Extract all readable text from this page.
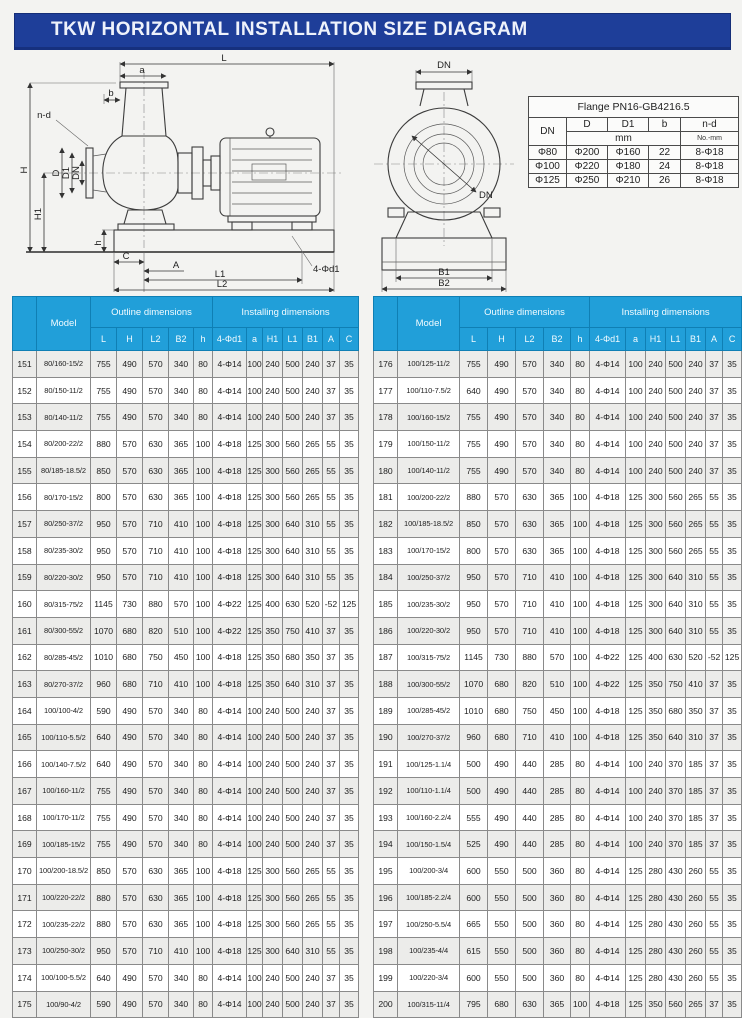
TKW HORIZONTAL INSTALLATION SIZE DIAGRAM
L
a
b
n-d
H
H1
D D1 DN
h
C
A
L1
L2
4-Φd1
DN
DN
B1
B2
Flange PN16-GB4216.5				
DN	D	D1	b	n-d
	mm			No.-mm
Φ80	Φ200	Φ160	22	8-Φ18
Φ100	Φ220	Φ180	24	8-Φ18
Φ125	Φ250	Φ210	26	8-Φ18
	Model	Outline dimensions					Installing dimensions						
		L	H	L2	B2	h	4-Φd1	a	H1	L1	B1	A	C
151	80/160-15/2	755	490	570	340	80	4-Φ14	100	240	500	240	37	35
152	80/150-11/2	755	490	570	340	80	4-Φ14	100	240	500	240	37	35
153	80/140-11/2	755	490	570	340	80	4-Φ14	100	240	500	240	37	35
154	80/200-22/2	880	570	630	365	100	4-Φ18	125	300	560	265	55	35
155	80/185-18.5/2	850	570	630	365	100	4-Φ18	125	300	560	265	55	35
156	80/170-15/2	800	570	630	365	100	4-Φ18	125	300	560	265	55	35
157	80/250-37/2	950	570	710	410	100	4-Φ18	125	300	640	310	55	35
158	80/235-30/2	950	570	710	410	100	4-Φ18	125	300	640	310	55	35
159	80/220-30/2	950	570	710	410	100	4-Φ18	125	300	640	310	55	35
160	80/315-75/2	1145	730	880	570	100	4-Φ22	125	400	630	520	-52	125
161	80/300-55/2	1070	680	820	510	100	4-Φ22	125	350	750	410	37	35
162	80/285-45/2	1010	680	750	450	100	4-Φ18	125	350	680	350	37	35
163	80/270-37/2	960	680	710	410	100	4-Φ18	125	350	640	310	37	35
164	100/100-4/2	590	490	570	340	80	4-Φ14	100	240	500	240	37	35
165	100/110-5.5/2	640	490	570	340	80	4-Φ14	100	240	500	240	37	35
166	100/140-7.5/2	640	490	570	340	80	4-Φ14	100	240	500	240	37	35
167	100/160-11/2	755	490	570	340	80	4-Φ14	100	240	500	240	37	35
168	100/170-11/2	755	490	570	340	80	4-Φ14	100	240	500	240	37	35
169	100/185-15/2	755	490	570	340	80	4-Φ14	100	240	500	240	37	35
170	100/200-18.5/2	850	570	630	365	100	4-Φ18	125	300	560	265	55	35
171	100/220-22/2	880	570	630	365	100	4-Φ18	125	300	560	265	55	35
172	100/235-22/2	880	570	630	365	100	4-Φ18	125	300	560	265	55	35
173	100/250-30/2	950	570	710	410	100	4-Φ18	125	300	640	310	55	35
174	100/100-5.5/2	640	490	570	340	80	4-Φ14	100	240	500	240	37	35
175	100/90-4/2	590	490	570	340	80	4-Φ14	100	240	500	240	37	35
	Model	Outline dimensions					Installing dimensions						
		L	H	L2	B2	h	4-Φd1	a	H1	L1	B1	A	C
176	100/125-11/2	755	490	570	340	80	4-Φ14	100	240	500	240	37	35
177	100/110-7.5/2	640	490	570	340	80	4-Φ14	100	240	500	240	37	35
178	100/160-15/2	755	490	570	340	80	4-Φ14	100	240	500	240	37	35
179	100/150-11/2	755	490	570	340	80	4-Φ14	100	240	500	240	37	35
180	100/140-11/2	755	490	570	340	80	4-Φ14	100	240	500	240	37	35
181	100/200-22/2	880	570	630	365	100	4-Φ18	125	300	560	265	55	35
182	100/185-18.5/2	850	570	630	365	100	4-Φ18	125	300	560	265	55	35
183	100/170-15/2	800	570	630	365	100	4-Φ18	125	300	560	265	55	35
184	100/250-37/2	950	570	710	410	100	4-Φ18	125	300	640	310	55	35
185	100/235-30/2	950	570	710	410	100	4-Φ18	125	300	640	310	55	35
186	100/220-30/2	950	570	710	410	100	4-Φ18	125	300	640	310	55	35
187	100/315-75/2	1145	730	880	570	100	4-Φ22	125	400	630	520	-52	125
188	100/300-55/2	1070	680	820	510	100	4-Φ22	125	350	750	410	37	35
189	100/285-45/2	1010	680	750	450	100	4-Φ18	125	350	680	350	37	35
190	100/270-37/2	960	680	710	410	100	4-Φ18	125	350	640	310	37	35
191	100/125-1.1/4	500	490	440	285	80	4-Φ14	100	240	370	185	37	35
192	100/110-1.1/4	500	490	440	285	80	4-Φ14	100	240	370	185	37	35
193	100/160-2.2/4	555	490	440	285	80	4-Φ14	100	240	370	185	37	35
194	100/150-1.5/4	525	490	440	285	80	4-Φ14	100	240	370	185	37	35
195	100/200-3/4	600	550	500	360	80	4-Φ14	125	280	430	260	55	35
196	100/185-2.2/4	600	550	500	360	80	4-Φ14	125	280	430	260	55	35
197	100/250-5.5/4	665	550	500	360	80	4-Φ14	125	280	430	260	55	35
198	100/235-4/4	615	550	500	360	80	4-Φ14	125	280	430	260	55	35
199	100/220-3/4	600	550	500	360	80	4-Φ14	125	280	430	260	55	35
200	100/315-11/4	795	680	630	365	100	4-Φ18	125	350	560	265	37	35
